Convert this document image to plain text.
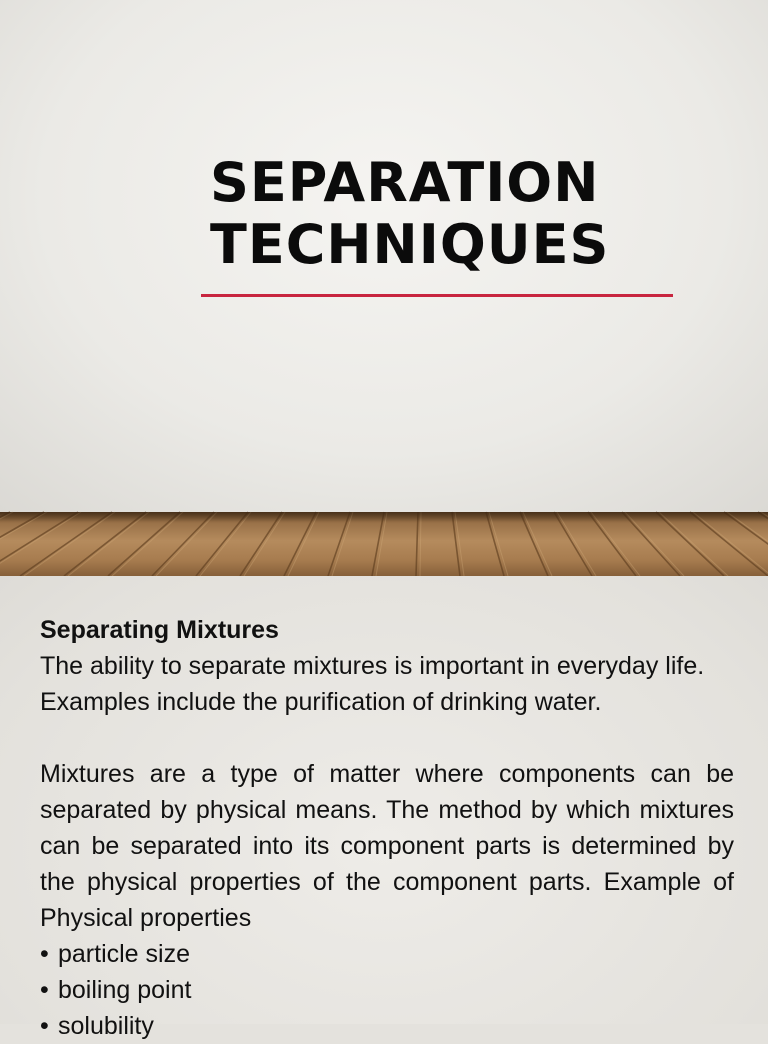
SEPARATION
TECHNIQUES
Separating Mixtures

The ability to separate mixtures is important in everyday life. Examples include the purification of drinking water.

Mixtures are a type of matter where components can be separated by physical means. The method by which mixtures can be separated into its component parts is determined by the physical properties of the component parts. Example of Physical properties

• particle size
• boiling point
• solubility
